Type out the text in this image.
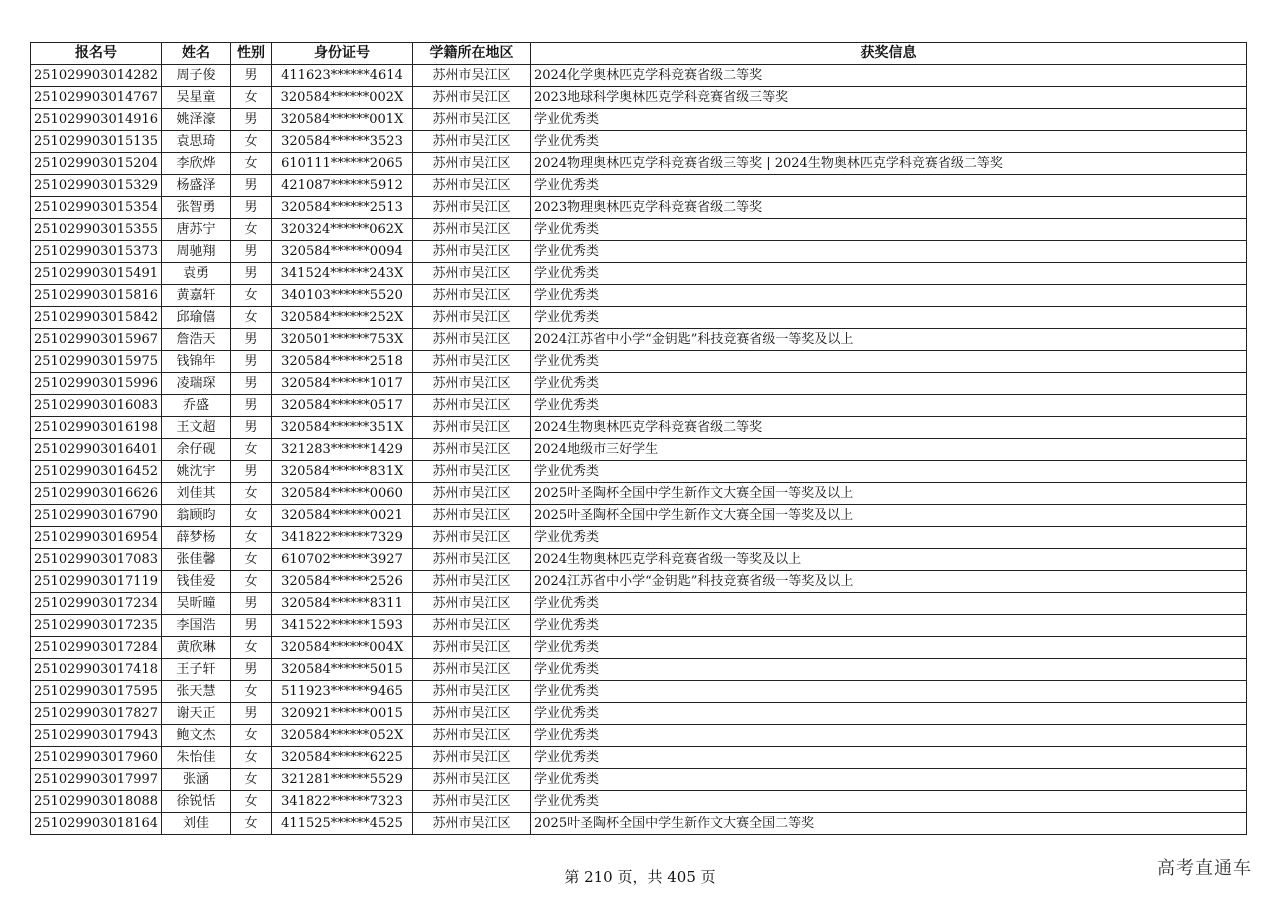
报名号	姓名	性别	身份证号	学籍所在地区	获奖信息
251029903014282	周子俊	男	411623******4614	苏州市吴江区	2024化学奥林匹克学科竞赛省级二等奖
251029903014767	吴星童	女	320584******002X	苏州市吴江区	2023地球科学奥林匹克学科竞赛省级三等奖
251029903014916	姚泽濠	男	320584******001X	苏州市吴江区	学业优秀类
251029903015135	袁思琦	女	320584******3523	苏州市吴江区	学业优秀类
251029903015204	李欣烨	女	610111******2065	苏州市吴江区	2024物理奥林匹克学科竞赛省级三等奖 | 2024生物奥林匹克学科竞赛省级二等奖
251029903015329	杨盛泽	男	421087******5912	苏州市吴江区	学业优秀类
251029903015354	张智勇	男	320584******2513	苏州市吴江区	2023物理奥林匹克学科竞赛省级二等奖
251029903015355	唐苏宁	女	320324******062X	苏州市吴江区	学业优秀类
251029903015373	周驰翔	男	320584******0094	苏州市吴江区	学业优秀类
251029903015491	袁勇	男	341524******243X	苏州市吴江区	学业优秀类
251029903015816	黄嘉轩	女	340103******5520	苏州市吴江区	学业优秀类
251029903015842	邱瑜僖	女	320584******252X	苏州市吴江区	学业优秀类
251029903015967	詹浩天	男	320501******753X	苏州市吴江区	2024江苏省中小学“金钥匙”科技竞赛省级一等奖及以上
251029903015975	钱锦年	男	320584******2518	苏州市吴江区	学业优秀类
251029903015996	凌瑞琛	男	320584******1017	苏州市吴江区	学业优秀类
251029903016083	乔盛	男	320584******0517	苏州市吴江区	学业优秀类
251029903016198	王文超	男	320584******351X	苏州市吴江区	2024生物奥林匹克学科竞赛省级二等奖
251029903016401	余仔砚	女	321283******1429	苏州市吴江区	2024地级市三好学生
251029903016452	姚沈宇	男	320584******831X	苏州市吴江区	学业优秀类
251029903016626	刘佳其	女	320584******0060	苏州市吴江区	2025叶圣陶杯全国中学生新作文大赛全国一等奖及以上
251029903016790	翁顾昀	女	320584******0021	苏州市吴江区	2025叶圣陶杯全国中学生新作文大赛全国一等奖及以上
251029903016954	薛梦杨	女	341822******7329	苏州市吴江区	学业优秀类
251029903017083	张佳馨	女	610702******3927	苏州市吴江区	2024生物奥林匹克学科竞赛省级一等奖及以上
251029903017119	钱佳爱	女	320584******2526	苏州市吴江区	2024江苏省中小学“金钥匙”科技竞赛省级一等奖及以上
251029903017234	吴昕曈	男	320584******8311	苏州市吴江区	学业优秀类
251029903017235	李国浩	男	341522******1593	苏州市吴江区	学业优秀类
251029903017284	黄欣琳	女	320584******004X	苏州市吴江区	学业优秀类
251029903017418	王子轩	男	320584******5015	苏州市吴江区	学业优秀类
251029903017595	张天慧	女	511923******9465	苏州市吴江区	学业优秀类
251029903017827	谢天正	男	320921******0015	苏州市吴江区	学业优秀类
251029903017943	鲍文杰	女	320584******052X	苏州市吴江区	学业优秀类
251029903017960	朱怡佳	女	320584******6225	苏州市吴江区	学业优秀类
251029903017997	张涵	女	321281******5529	苏州市吴江区	学业优秀类
251029903018088	徐锐恬	女	341822******7323	苏州市吴江区	学业优秀类
251029903018164	刘佳	女	411525******4525	苏州市吴江区	2025叶圣陶杯全国中学生新作文大赛全国二等奖
第 210 页，共 405 页	高考直通车
